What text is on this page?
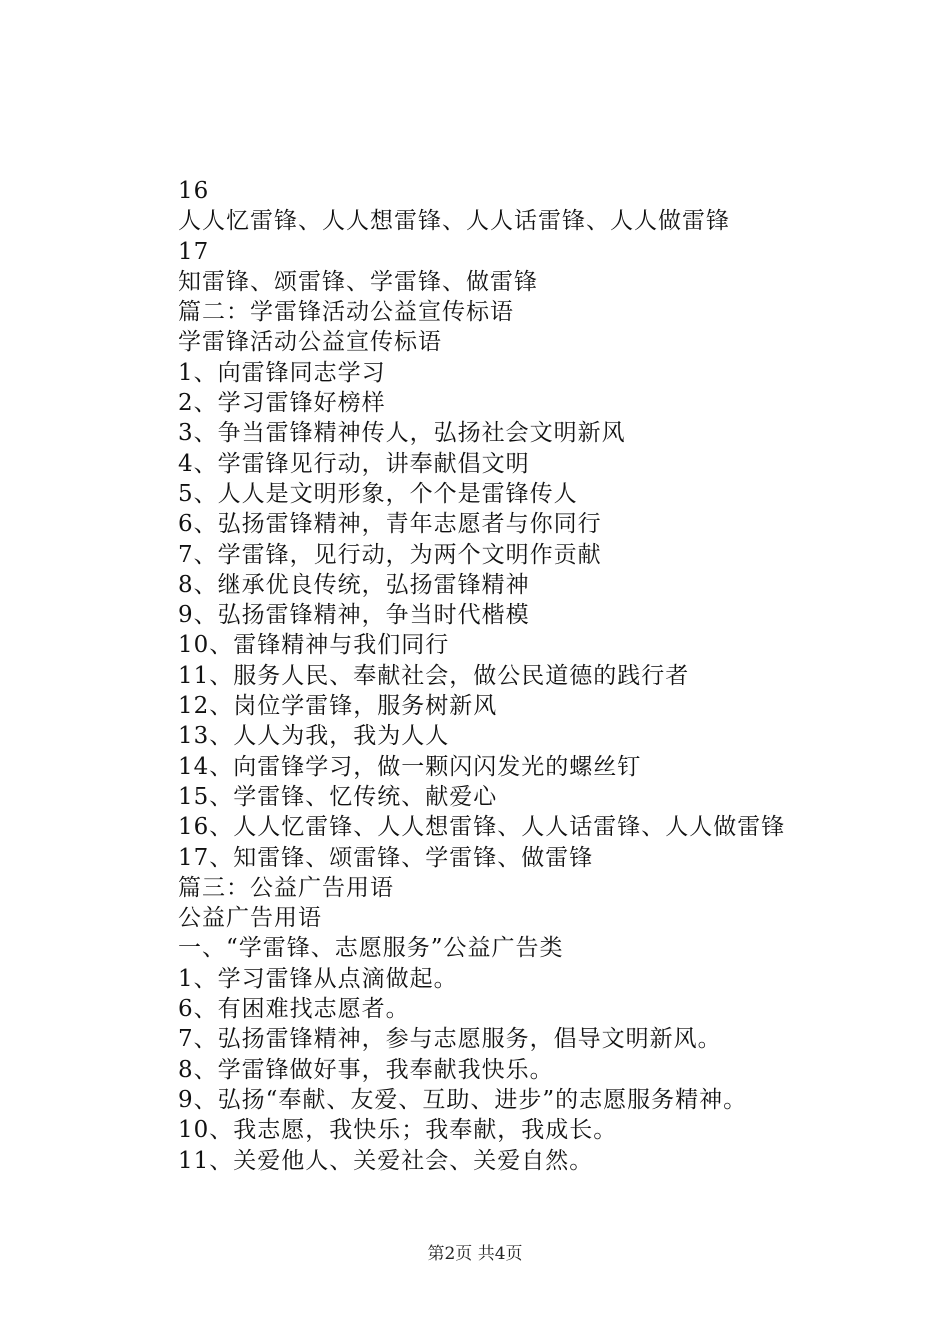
16
人人忆雷锋、人人想雷锋、人人话雷锋、人人做雷锋
17
知雷锋、颂雷锋、学雷锋、做雷锋
篇二：学雷锋活动公益宣传标语
学雷锋活动公益宣传标语
1、向雷锋同志学习
2、学习雷锋好榜样
3、争当雷锋精神传人，弘扬社会文明新风
4、学雷锋见行动，讲奉献倡文明
5、人人是文明形象，个个是雷锋传人
6、弘扬雷锋精神，青年志愿者与你同行
7、学雷锋，见行动，为两个文明作贡献
8、继承优良传统，弘扬雷锋精神
9、弘扬雷锋精神，争当时代楷模
10、雷锋精神与我们同行
11、服务人民、奉献社会，做公民道德的践行者
12、岗位学雷锋，服务树新风
13、人人为我，我为人人
14、向雷锋学习，做一颗闪闪发光的螺丝钉
15、学雷锋、忆传统、献爱心
16、人人忆雷锋、人人想雷锋、人人话雷锋、人人做雷锋
17、知雷锋、颂雷锋、学雷锋、做雷锋
篇三：公益广告用语
公益广告用语
一、“学雷锋、志愿服务”公益广告类
1、学习雷锋从点滴做起。
6、有困难找志愿者。
7、弘扬雷锋精神，参与志愿服务，倡导文明新风。
8、学雷锋做好事，我奉献我快乐。
9、弘扬“奉献、友爱、互助、进步”的志愿服务精神。
10、我志愿，我快乐；我奉献，我成长。
11、关爱他人、关爱社会、关爱自然。
第2页 共4页
